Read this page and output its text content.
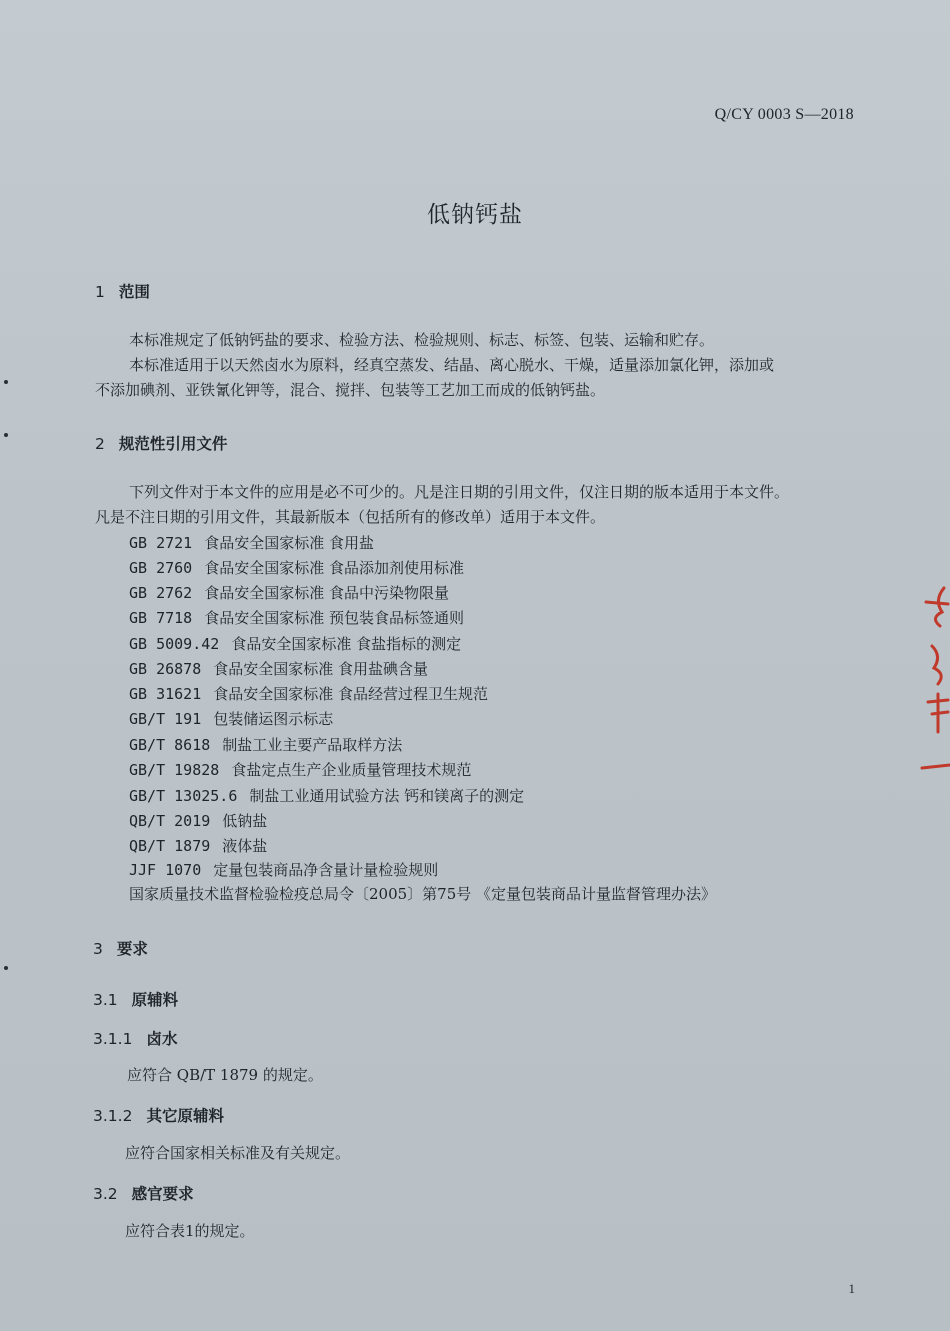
Q/CY 0003 S—2018
低钠钙盐
1 范围
本标准规定了低钠钙盐的要求、检验方法、检验规则、标志、标签、包装、运输和贮存。
本标准适用于以天然卤水为原料，经真空蒸发、结晶、离心脱水、干燥，适量添加氯化钾，添加或
不添加碘剂、亚铁氰化钾等，混合、搅拌、包装等工艺加工而成的低钠钙盐。
2 规范性引用文件
下列文件对于本文件的应用是必不可少的。凡是注日期的引用文件，仅注日期的版本适用于本文件。
凡是不注日期的引用文件，其最新版本（包括所有的修改单）适用于本文件。
GB 2721 食品安全国家标准 食用盐
GB 2760 食品安全国家标准 食品添加剂使用标准
GB 2762 食品安全国家标准 食品中污染物限量
GB 7718 食品安全国家标准 预包装食品标签通则
GB 5009.42 食品安全国家标准 食盐指标的测定
GB 26878 食品安全国家标准 食用盐碘含量
GB 31621 食品安全国家标准 食品经营过程卫生规范
GB/T 191 包装储运图示标志
GB/T 8618 制盐工业主要产品取样方法
GB/T 19828 食盐定点生产企业质量管理技术规范
GB/T 13025.6 制盐工业通用试验方法 钙和镁离子的测定
QB/T 2019 低钠盐
QB/T 1879 液体盐
JJF 1070 定量包装商品净含量计量检验规则
国家质量技术监督检验检疫总局令〔2005〕第75号 《定量包装商品计量监督管理办法》
3 要求
3.1 原辅料
3.1.1 卤水
应符合 QB/T 1879 的规定。
3.1.2 其它原辅料
应符合国家相关标准及有关规定。
3.2 感官要求
应符合表1的规定。
1
